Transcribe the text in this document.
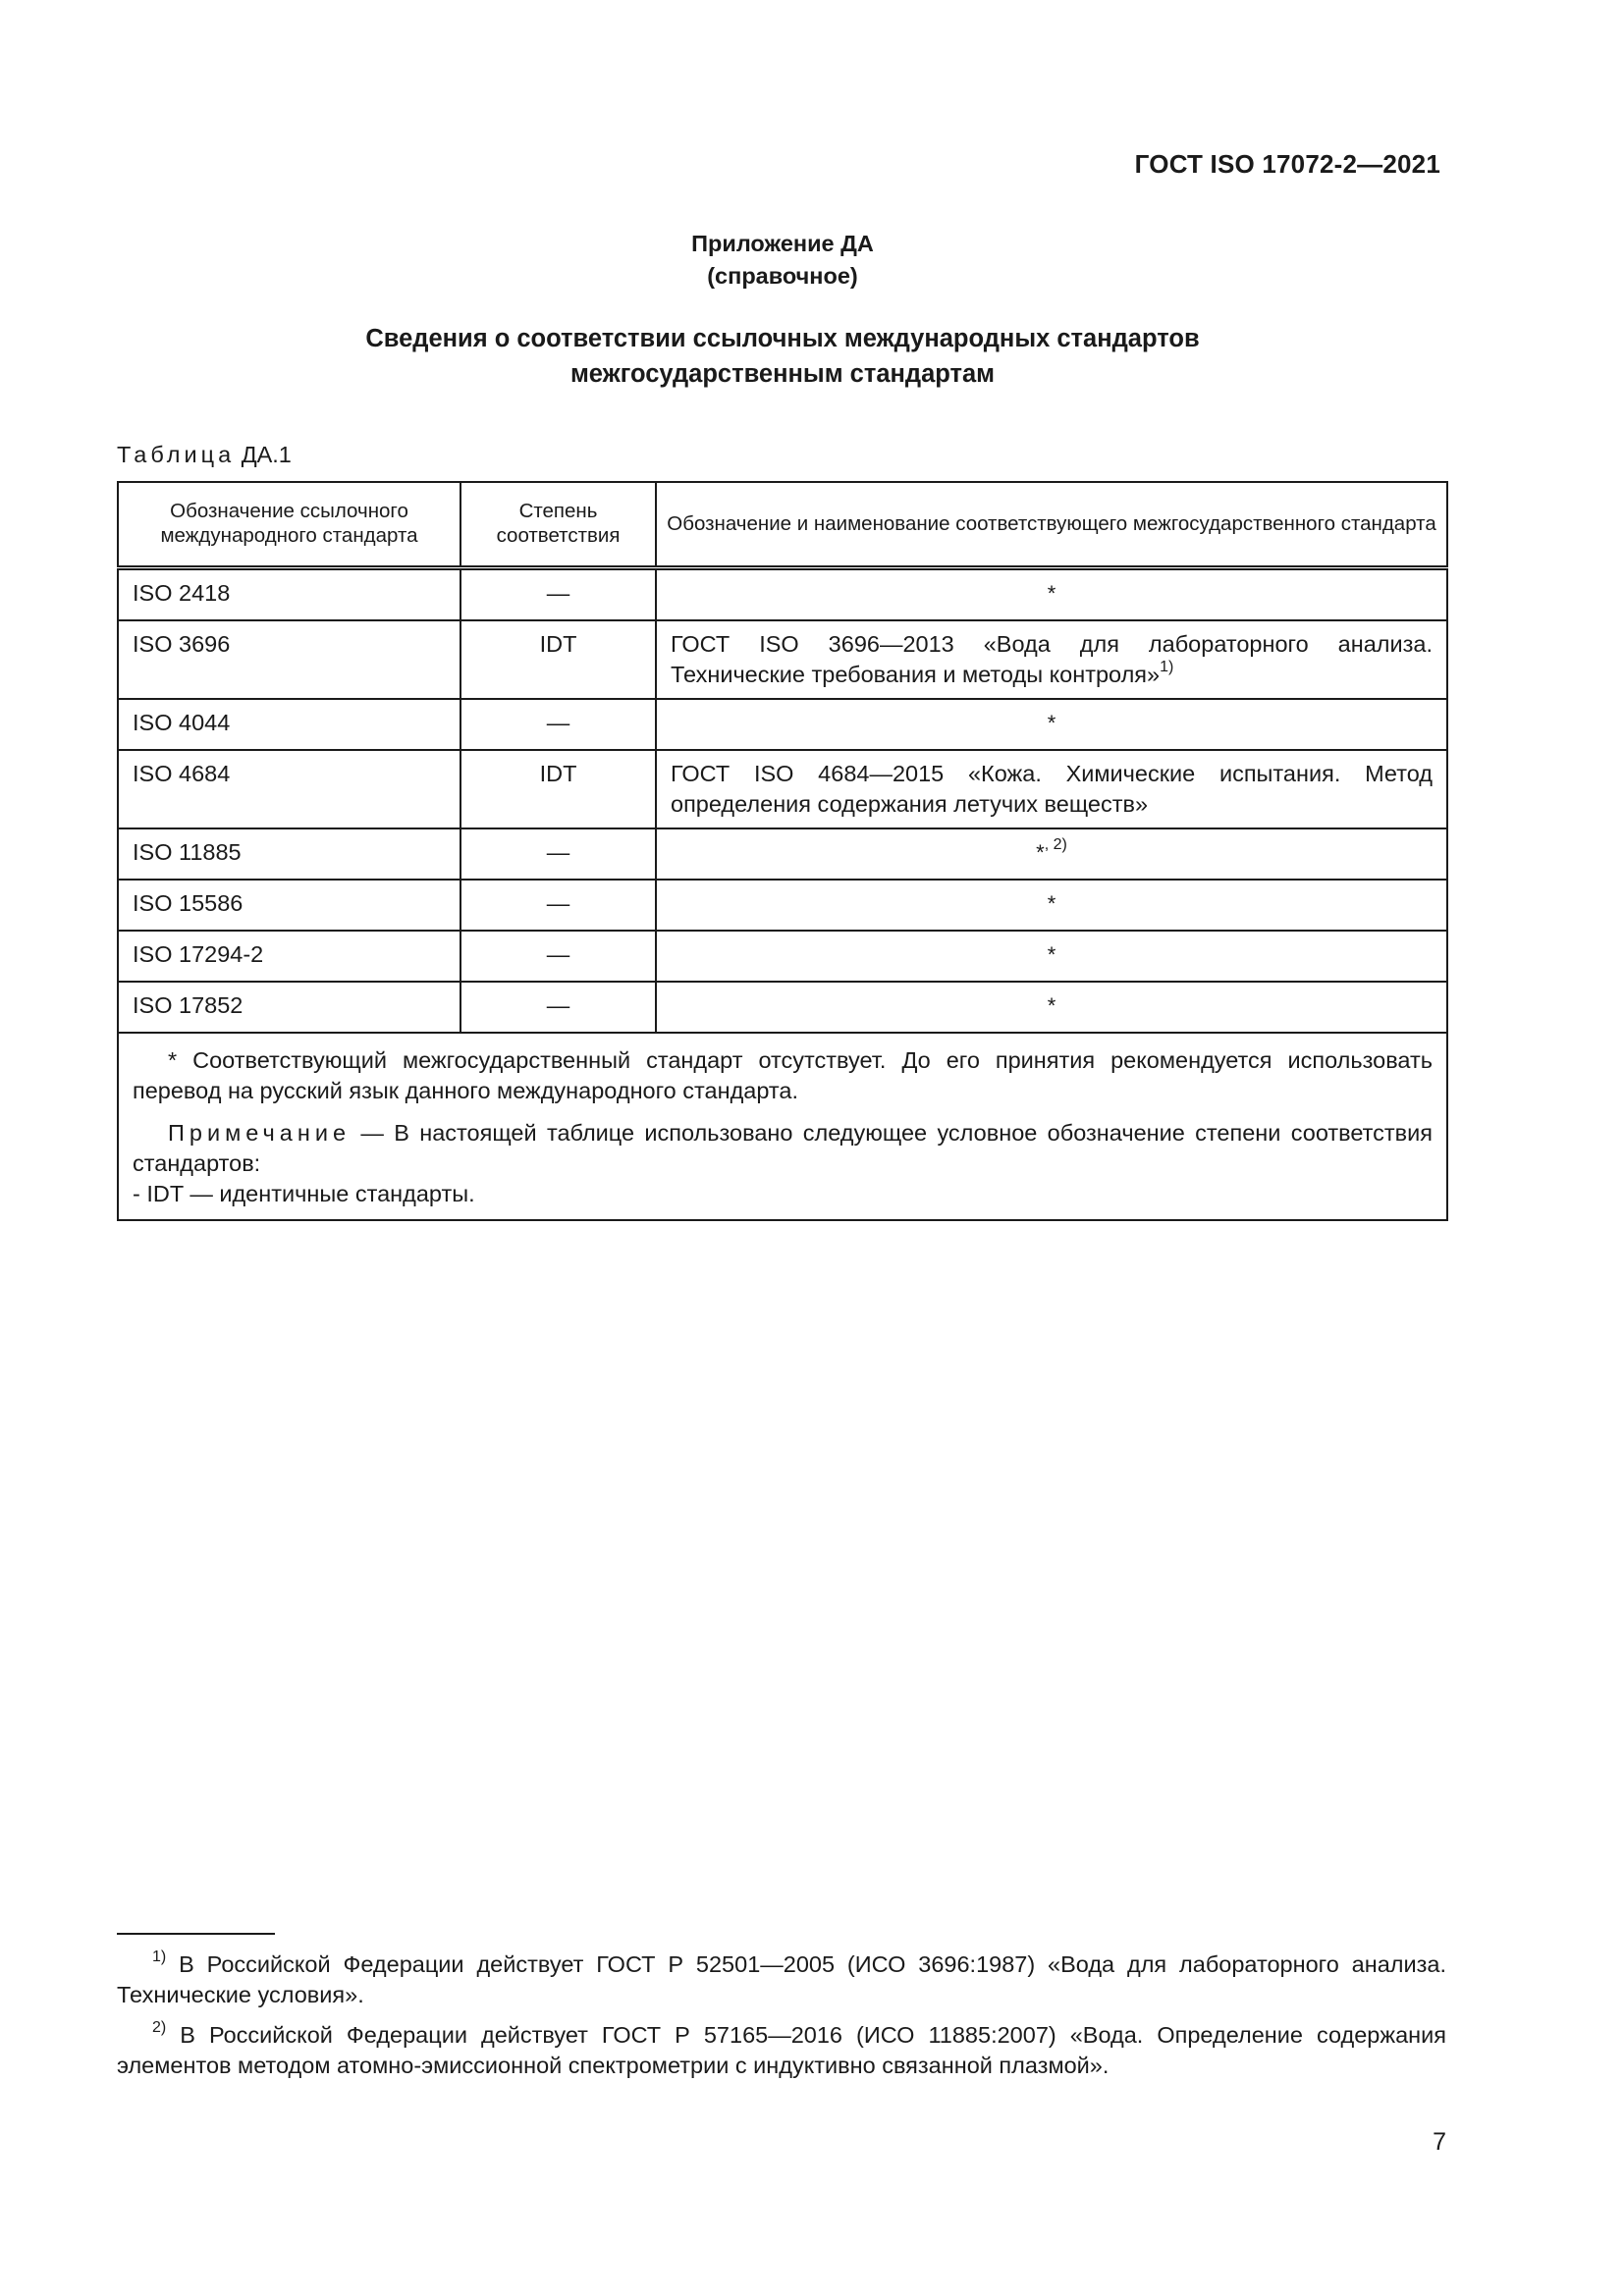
ГОСТ ISO 17072-2—2021
Приложение ДА
(справочное)
Сведения о соответствии ссылочных международных стандартов
межгосударственным стандартам
Таблица ДА.1
Обозначение ссылочного международного стандарта	Степень соответствия	Обозначение и наименование соответствующего межгосударственного стандарта
ISO 2418	—	*
ISO 3696	IDT	ГОСТ ISO 3696—2013 «Вода для лабораторного анализа. Технические требования и методы контроля»$^{1)}$
ISO 4044	—	*
ISO 4684	IDT	ГОСТ ISO 4684—2015 «Кожа. Химические испытания. Метод определения содержания летучих веществ»
ISO 11885	—	*$^{, 2)}$
ISO 15586	—	*
ISO 17294-2	—	*
ISO 17852	—	*

* Соответствующий межгосударственный стандарт отсутствует. До его принятия рекомендуется использовать перевод на русский язык данного международного стандарта.

Примечание — В настоящей таблице использовано следующее условное обозначение степени соответствия стандартов:

- IDT — идентичные стандарты.		

$^{1)}$ В Российской Федерации действует ГОСТ Р 52501—2005 (ИСО 3696:1987) «Вода для лабораторного анализа. Технические условия».

$^{2)}$ В Российской Федерации действует ГОСТ Р 57165—2016 (ИСО 11885:2007) «Вода. Определение содержания элементов методом атомно-эмиссионной спектрометрии с индуктивно связанной плазмой».

7
